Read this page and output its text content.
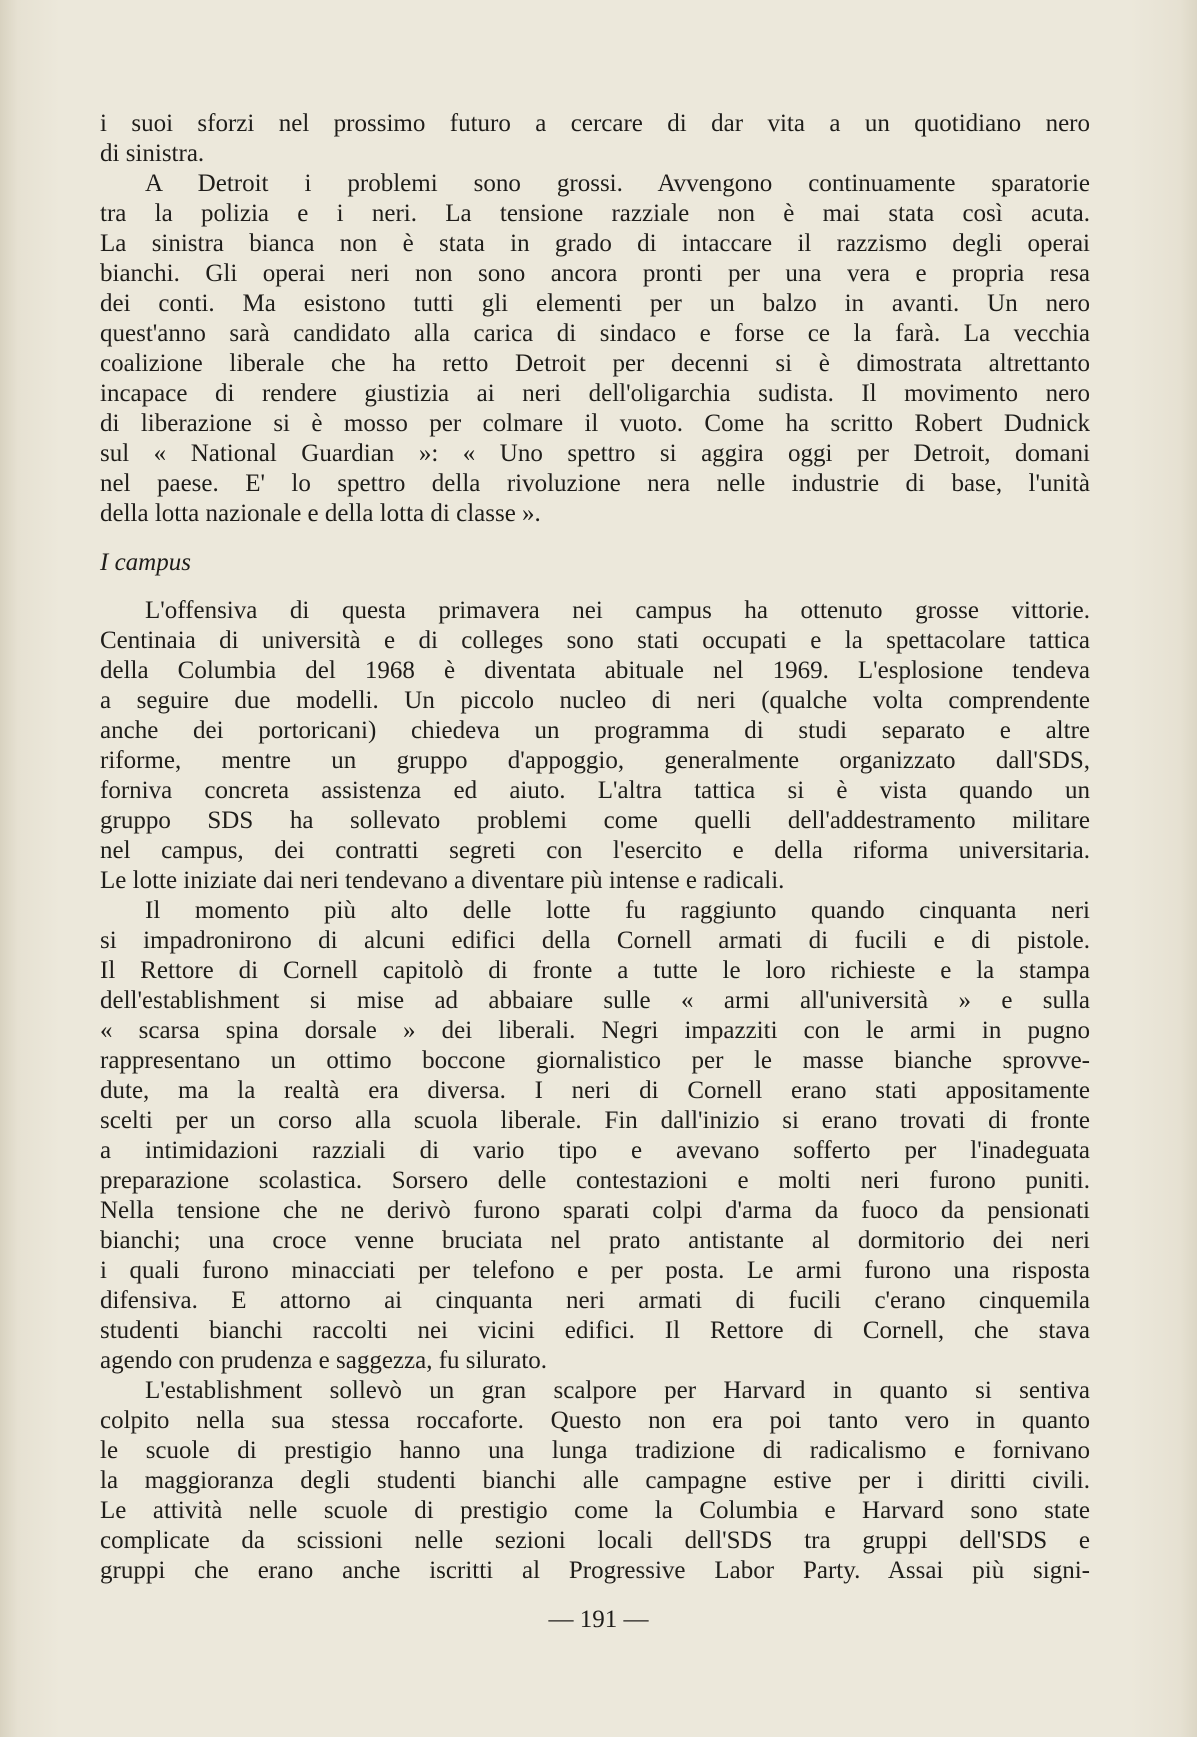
i suoi sforzi nel prossimo futuro a cercare di dar vita a un quotidiano nero
di sinistra.
A Detroit i problemi sono grossi. Avvengono continuamente sparatorie
tra la polizia e i neri. La tensione razziale non è mai stata così acuta.
La sinistra bianca non è stata in grado di intaccare il razzismo degli operai
bianchi. Gli operai neri non sono ancora pronti per una vera e propria resa
dei conti. Ma esistono tutti gli elementi per un balzo in avanti. Un nero
quest'anno sarà candidato alla carica di sindaco e forse ce la farà. La vecchia
coalizione liberale che ha retto Detroit per decenni si è dimostrata altrettanto
incapace di rendere giustizia ai neri dell'oligarchia sudista. Il movimento nero
di liberazione si è mosso per colmare il vuoto. Come ha scritto Robert Dudnick
sul « National Guardian »: « Uno spettro si aggira oggi per Detroit, domani
nel paese. E' lo spettro della rivoluzione nera nelle industrie di base, l'unità
della lotta nazionale e della lotta di classe ».
I campus
L'offensiva di questa primavera nei campus ha ottenuto grosse vittorie.
Centinaia di università e di colleges sono stati occupati e la spettacolare tattica
della Columbia del 1968 è diventata abituale nel 1969. L'esplosione tendeva
a seguire due modelli. Un piccolo nucleo di neri (qualche volta comprendente
anche dei portoricani) chiedeva un programma di studi separato e altre
riforme, mentre un gruppo d'appoggio, generalmente organizzato dall'SDS,
forniva concreta assistenza ed aiuto. L'altra tattica si è vista quando un
gruppo SDS ha sollevato problemi come quelli dell'addestramento militare
nel campus, dei contratti segreti con l'esercito e della riforma universitaria.
Le lotte iniziate dai neri tendevano a diventare più intense e radicali.
Il momento più alto delle lotte fu raggiunto quando cinquanta neri
si impadronirono di alcuni edifici della Cornell armati di fucili e di pistole.
Il Rettore di Cornell capitolò di fronte a tutte le loro richieste e la stampa
dell'establishment si mise ad abbaiare sulle « armi all'università » e sulla
« scarsa spina dorsale » dei liberali. Negri impazziti con le armi in pugno
rappresentano un ottimo boccone giornalistico per le masse bianche sprovve-
dute, ma la realtà era diversa. I neri di Cornell erano stati appositamente
scelti per un corso alla scuola liberale. Fin dall'inizio si erano trovati di fronte
a intimidazioni razziali di vario tipo e avevano sofferto per l'inadeguata
preparazione scolastica. Sorsero delle contestazioni e molti neri furono puniti.
Nella tensione che ne derivò furono sparati colpi d'arma da fuoco da pensionati
bianchi; una croce venne bruciata nel prato antistante al dormitorio dei neri
i quali furono minacciati per telefono e per posta. Le armi furono una risposta
difensiva. E attorno ai cinquanta neri armati di fucili c'erano cinquemila
studenti bianchi raccolti nei vicini edifici. Il Rettore di Cornell, che stava
agendo con prudenza e saggezza, fu silurato.
L'establishment sollevò un gran scalpore per Harvard in quanto si sentiva
colpito nella sua stessa roccaforte. Questo non era poi tanto vero in quanto
le scuole di prestigio hanno una lunga tradizione di radicalismo e fornivano
la maggioranza degli studenti bianchi alle campagne estive per i diritti civili.
Le attività nelle scuole di prestigio come la Columbia e Harvard sono state
complicate da scissioni nelle sezioni locali dell'SDS tra gruppi dell'SDS e
gruppi che erano anche iscritti al Progressive Labor Party. Assai più signi-
— 191 —
